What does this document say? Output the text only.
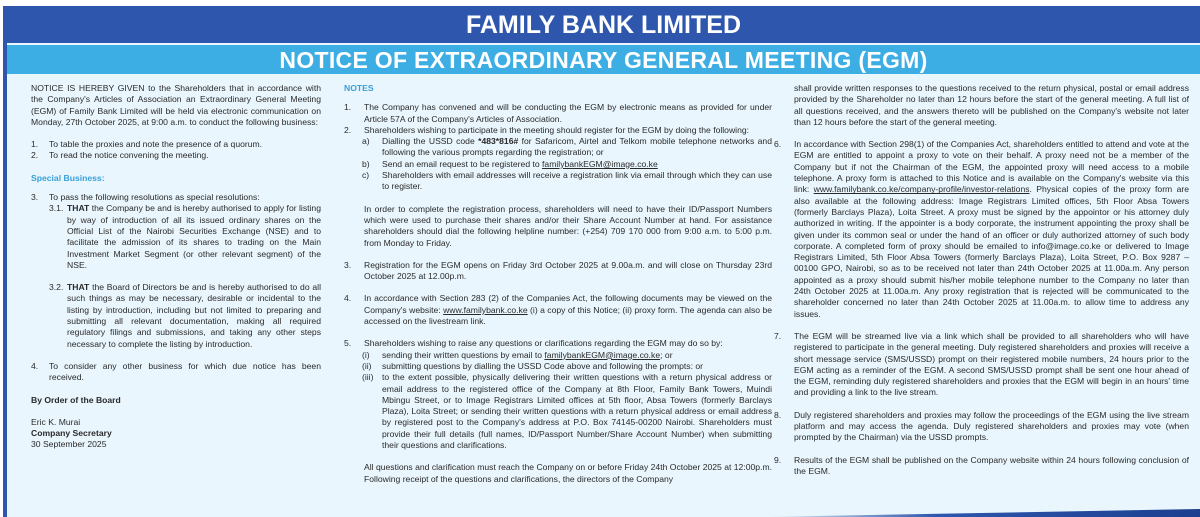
FAMILY BANK LIMITED
NOTICE OF EXTRAORDINARY GENERAL MEETING (EGM)

NOTICE IS HEREBY GIVEN to the Shareholders that in accordance with the Company's Articles of Association an Extraordinary General Meeting (EGM) of Family Bank Limited will be held via electronic communication on Monday, 27th October 2025, at 9:00 a.m. to conduct the following business:

1.	To table the proxies and note the presence of a quorum.
2.	To read the notice convening the meeting.
Special Business:
3.	To pass the following resolutions as special resolutions:
3.1. THAT the Company be and is hereby authorised to apply for listing by way of introduction of all its issued ordinary shares on the Official List of the Nairobi Securities Exchange (NSE) and to facilitate the admission of its shares to trading on the Main Investment Market Segment (or other relevant segment) of the NSE.
3.2. THAT the Board of Directors be and is hereby authorised to do all such things as may be necessary, desirable or incidental to the listing by introduction, including but not limited to preparing and submitting all relevant documentation, making all required regulatory filings and submissions, and taking any other steps necessary to complete the listing by introduction.
4.	To consider any other business for which due notice has been received.

By Order of the Board

Eric K. Murai
Company Secretary
30 September 2025
NOTES
1.	The Company has convened and will be conducting the EGM by electronic means as provided for under Article 57A of the Company's Articles of Association.
2.	Shareholders wishing to participate in the meeting should register for the EGM by doing the following:
a)	Dialling the USSD code *483*816# for Safaricom, Airtel and Telkom mobile telephone networks and following the various prompts regarding the registration; or
b)	Send an email request to be registered to familybankEGM@image.co.ke
c)	Shareholders with email addresses will receive a registration link via email through which they can use to register.

In order to complete the registration process, shareholders will need to have their ID/Passport Numbers which were used to purchase their shares and/or their Share Account Number at hand. For assistance shareholders should dial the following helpline number: (+254) 709 170 000 from 9:00 a.m. to 5:00 p.m. from Monday to Friday.

3.	Registration for the EGM opens on Friday 3rd October 2025 at 9.00a.m. and will close on Thursday 23rd October 2025 at 12.00p.m.
4.	In accordance with Section 283 (2) of the Companies Act, the following documents may be viewed on the Company's website: www.familybank.co.ke (i) a copy of this Notice; (ii) proxy form. The agenda can also be accessed on the livestream link.
5.	Shareholders wishing to raise any questions or clarifications regarding the EGM may do so by:
(i)	sending their written questions by email to familybankEGM@image.co.ke; or
(ii)	submitting questions by dialling the USSD Code above and following the prompts: or
(iii) to the extent possible, physically delivering their written questions with a return physical address or email address to the registered office of the Company at 8th Floor, Family Bank Towers, Muindi Mbingu Street, or to Image Registrars Limited offices at 5th floor, Absa Towers (formerly Barclays Plaza), Loita Street; or sending their written questions with a return physical address or email address by registered post to the Company's address at P.O. Box 74145-00200 Nairobi. Shareholders must provide their full details (full names, ID/Passport Number/Share Account Number) when submitting their questions and clarifications.

All questions and clarification must reach the Company on or before Friday 24th October 2025 at 12:00p.m. Following receipt of the questions and clarifications, the directors of the Company

shall provide written responses to the questions received to the return physical, postal or email address provided by the Shareholder no later than 12 hours before the start of the general meeting. A full list of all questions received, and the answers thereto will be published on the Company's website not later than 12 hours before the start of the general meeting.

6.	In accordance with Section 298(1) of the Companies Act, shareholders entitled to attend and vote at the EGM are entitled to appoint a proxy to vote on their behalf. A proxy need not be a member of the Company but if not the Chairman of the EGM, the appointed proxy will need access to a mobile telephone. A proxy form is attached to this Notice and is available on the Company's website via this link: www.familybank.co.ke/company-profile/investor-relations. Physical copies of the proxy form are also available at the following address: Image Registrars Limited offices, 5th Floor Absa Towers (formerly Barclays Plaza), Loita Street. A proxy must be signed by the appointor or his attorney duly authorized in writing. If the appointer is a body corporate, the instrument appointing the proxy shall be given under its common seal or under the hand of an officer or duly authorized attorney of such body corporate. A completed form of proxy should be emailed to info@image.co.ke or delivered to Image Registrars Limited, 5th Floor Absa Towers (formerly Barclays Plaza), Loita Street, P.O. Box 9287 – 00100 GPO, Nairobi, so as to be received not later than 24th October 2025 at 11.00a.m. Any person appointed as a proxy should submit his/her mobile telephone number to the Company no later than 24th October 2025 at 11.00a.m. Any proxy registration that is rejected will be communicated to the shareholder concerned no later than 24th October 2025 at 11.00a.m. to allow time to address any issues.
7.	The EGM will be streamed live via a link which shall be provided to all shareholders who will have registered to participate in the general meeting. Duly registered shareholders and proxies will receive a short message service (SMS/USSD) prompt on their registered mobile numbers, 24 hours prior to the EGM acting as a reminder of the EGM. A second SMS/USSD prompt shall be sent one hour ahead of the EGM, reminding duly registered shareholders and proxies that the EGM will begin in an hours' time and providing a link to the live stream.
8.	Duly registered shareholders and proxies may follow the proceedings of the EGM using the live stream platform and may access the agenda. Duly registered shareholders and proxies may vote (when prompted by the Chairman) via the USSD prompts.
9.	Results of the EGM shall be published on the Company website within 24 hours following conclusion of the EGM.
